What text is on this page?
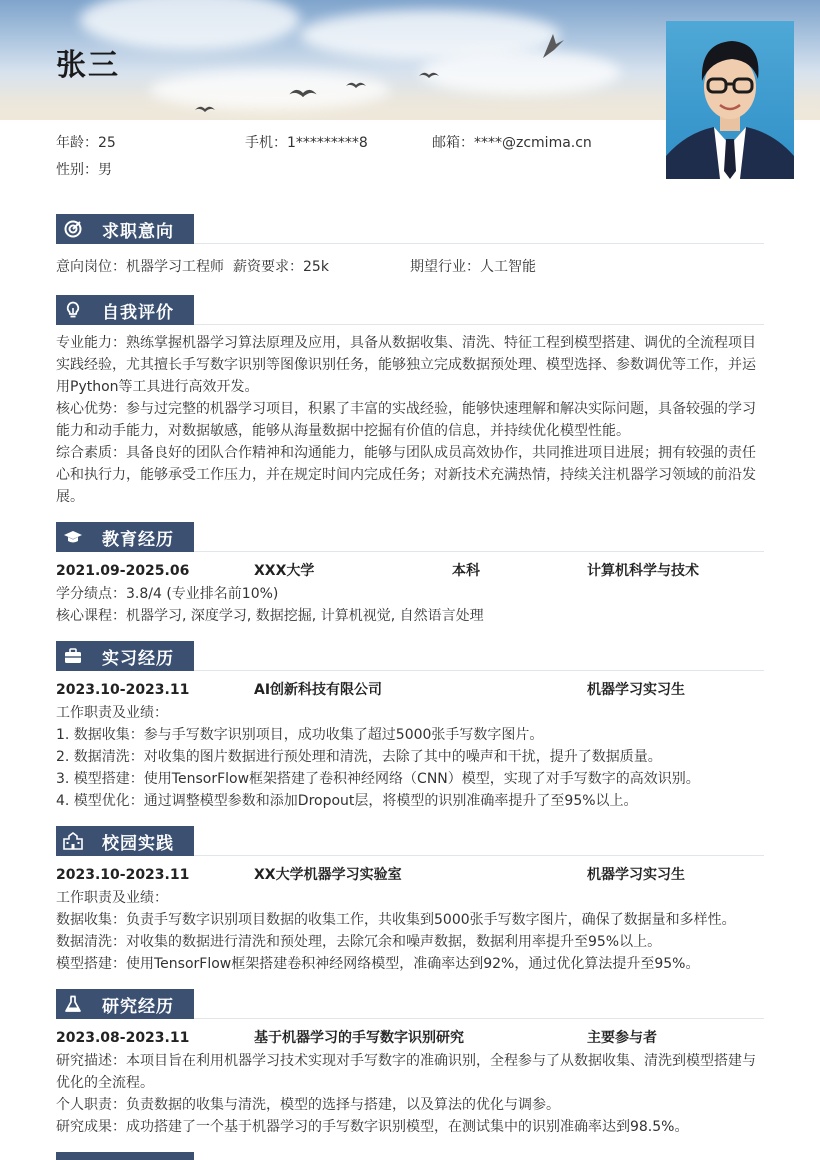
张三
年龄：25	手机：1*********8	邮箱：****@zcmima.cn
性别：男
求职意向
意向岗位：机器学习工程师 薪资要求：25k	期望行业：人工智能
自我评价

专业能力：熟练掌握机器学习算法原理及应用，具备从数据收集、清洗、特征工程到模型搭建、调优的全流程项目

实践经验，尤其擅长手写数字识别等图像识别任务，能够独立完成数据预处理、模型选择、参数调优等工作，并运

用Python等工具进行高效开发。

核心优势：参与过完整的机器学习项目，积累了丰富的实战经验，能够快速理解和解决实际问题，具备较强的学习

能力和动手能力，对数据敏感，能够从海量数据中挖掘有价值的信息，并持续优化模型性能。

综合素质：具备良好的团队合作精神和沟通能力，能够与团队成员高效协作，共同推进项目进展；拥有较强的责任

心和执行力，能够承受工作压力，并在规定时间内完成任务；对新技术充满热情，持续关注机器学习领域的前沿发

展。

教育经历
2021.09-2025.06	XXX大学	本科	计算机科学与技术
学分绩点：3.8/4 (专业排名前10%)
核心课程：机器学习, 深度学习, 数据挖掘, 计算机视觉, 自然语言处理
实习经历
2023.10-2023.11	AI创新科技有限公司	机器学习实习生

工作职责及业绩：

1. 数据收集：参与手写数字识别项目，成功收集了超过5000张手写数字图片。

2. 数据清洗：对收集的图片数据进行预处理和清洗，去除了其中的噪声和干扰，提升了数据质量。

3. 模型搭建：使用TensorFlow框架搭建了卷积神经网络（CNN）模型，实现了对手写数字的高效识别。

4. 模型优化：通过调整模型参数和添加Dropout层，将模型的识别准确率提升了至95%以上。

校园实践
2023.10-2023.11	XX大学机器学习实验室	机器学习实习生

工作职责及业绩：

数据收集：负责手写数字识别项目数据的收集工作，共收集到5000张手写数字图片，确保了数据量和多样性。

数据清洗：对收集的数据进行清洗和预处理，去除冗余和噪声数据，数据利用率提升至95%以上。

模型搭建：使用TensorFlow框架搭建卷积神经网络模型，准确率达到92%，通过优化算法提升至95%。

研究经历
2023.08-2023.11	基于机器学习的手写数字识别研究	主要参与者

研究描述：本项目旨在利用机器学习技术实现对手写数字的准确识别，全程参与了从数据收集、清洗到模型搭建与

优化的全流程。

个人职责：负责数据的收集与清洗，模型的选择与搭建，以及算法的优化与调参。

研究成果：成功搭建了一个基于机器学习的手写数字识别模型，在测试集中的识别准确率达到98.5%。
